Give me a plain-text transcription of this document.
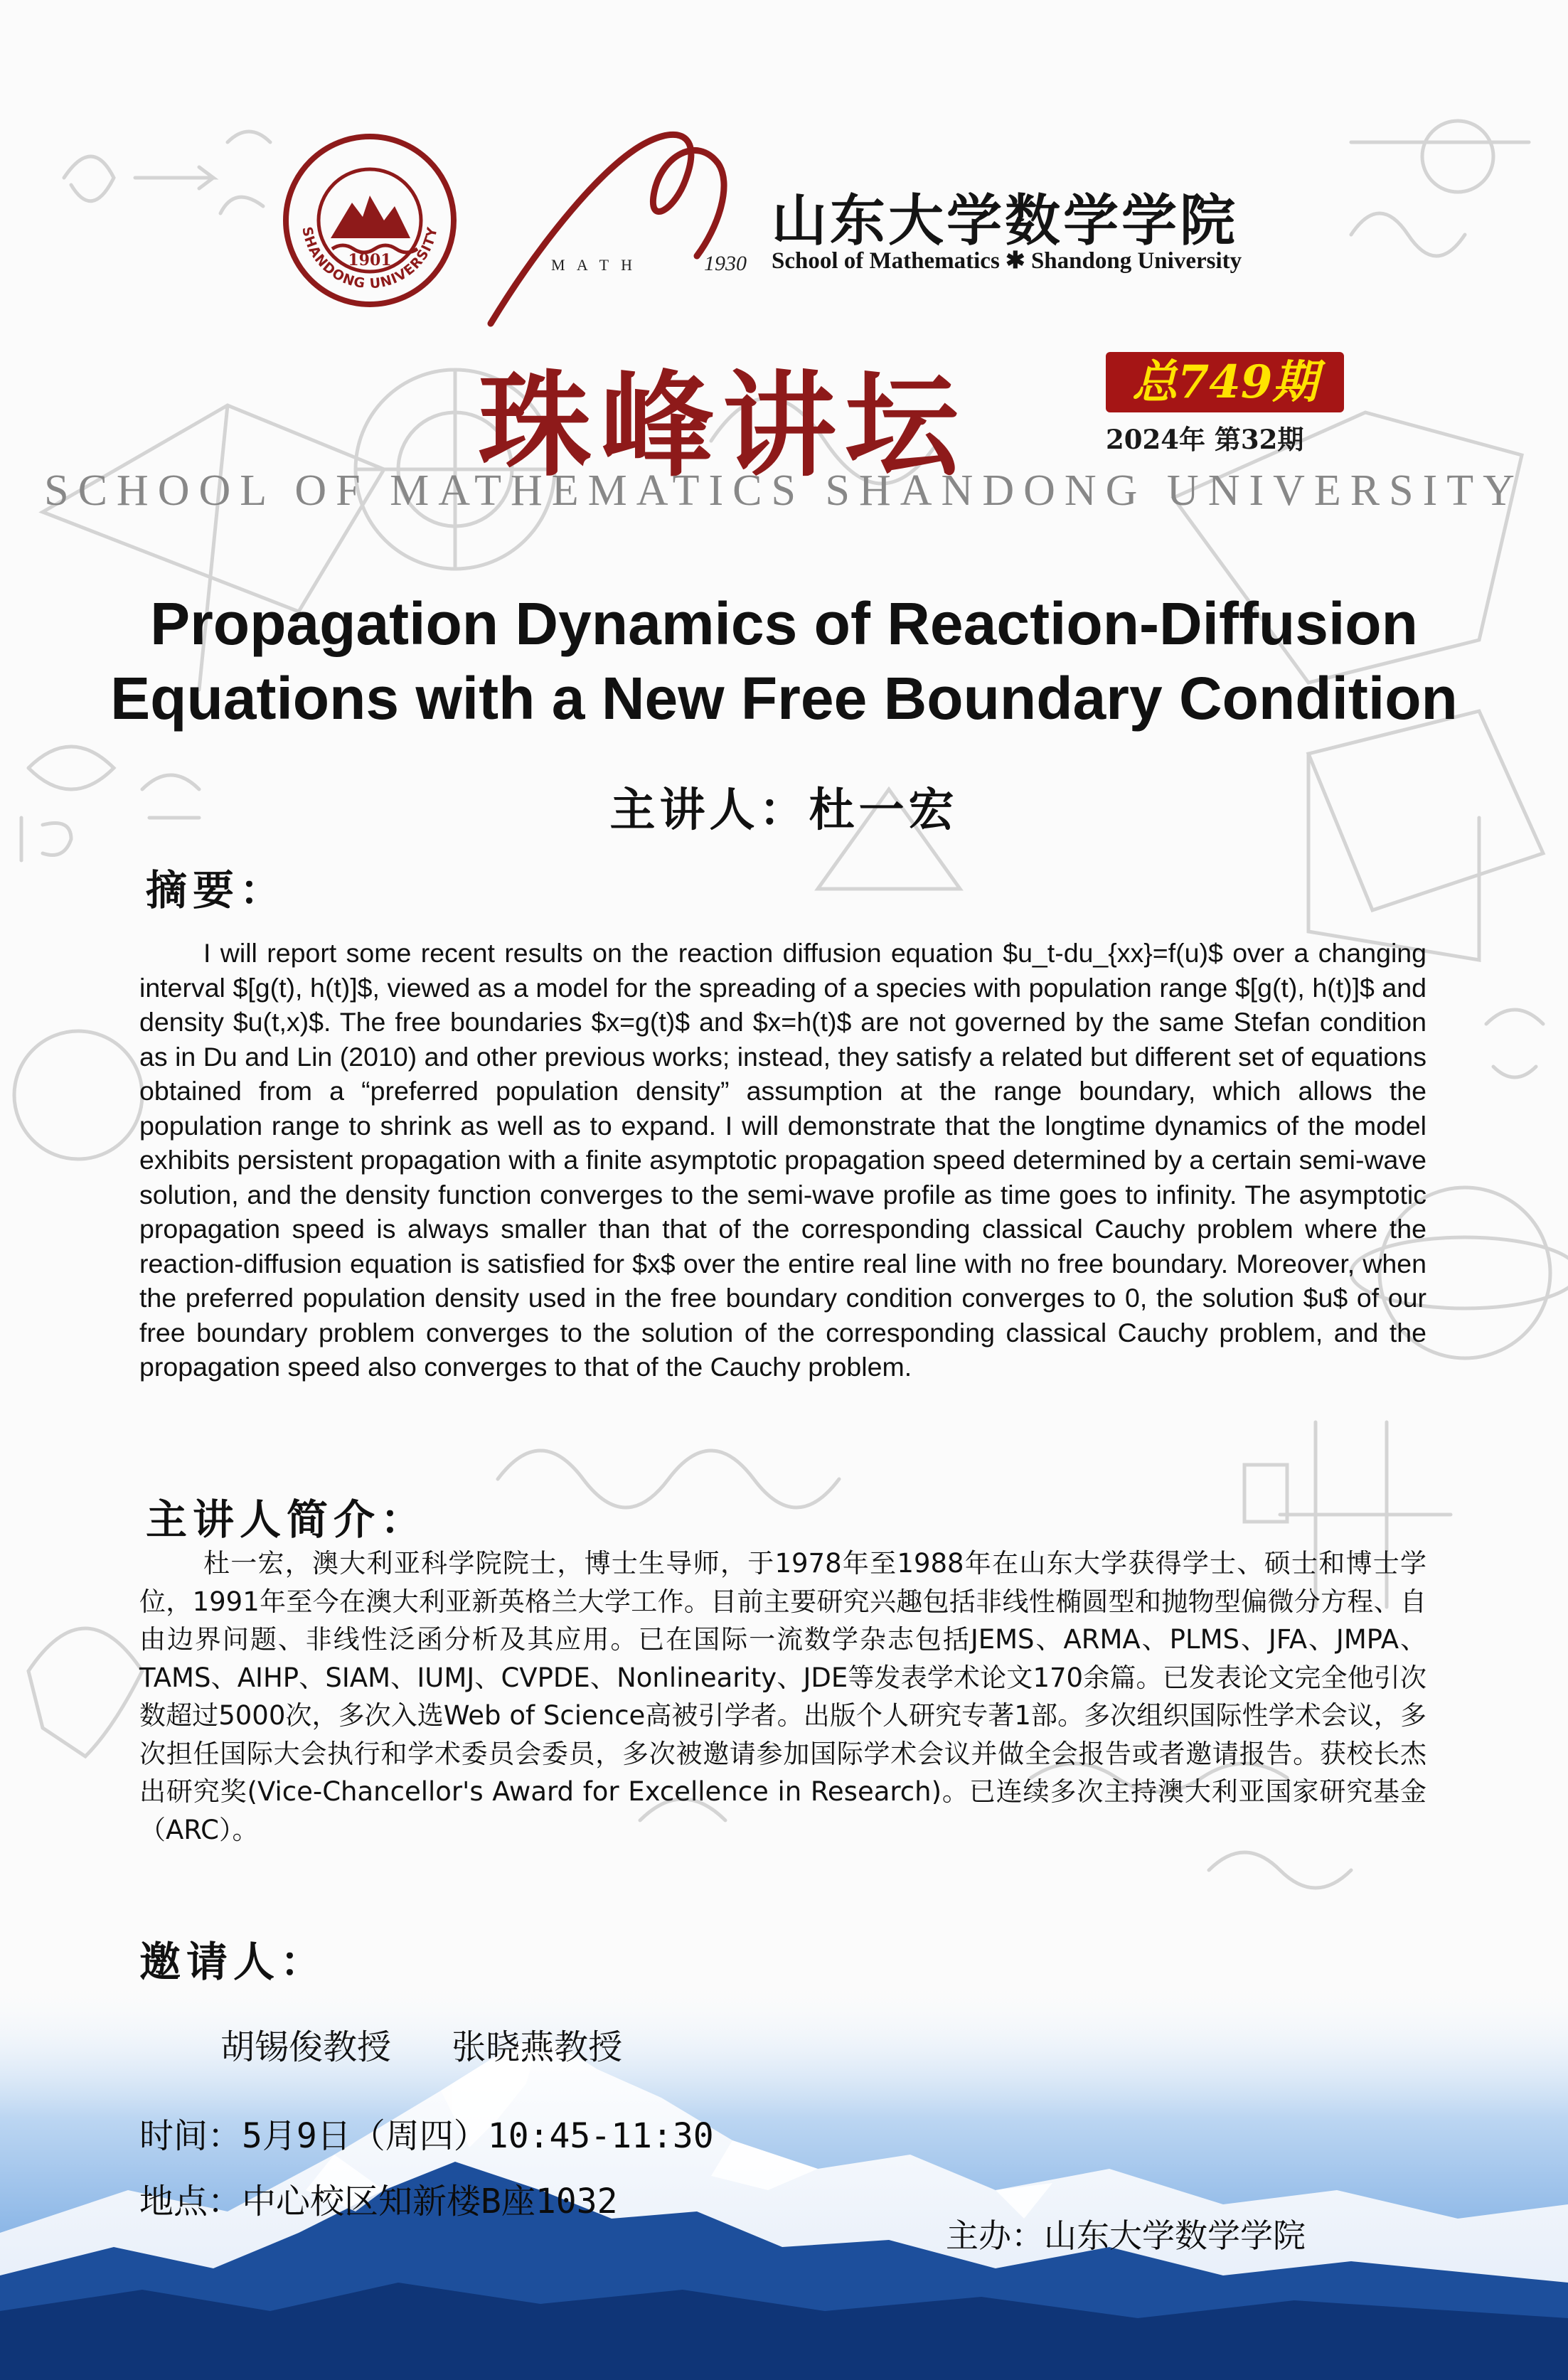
1901
SHANDONG UNIVERSITY
M A T H	1930
山东大学数学学院
School of Mathematics ✱ Shandong University
珠峰讲坛	总749期
2024年 第32期
SCHOOL OF MATHEMATICS SHANDONG UNIVERSITY
Propagation Dynamics of Reaction-Diffusion
Equations with a New Free Boundary Condition
主讲人：杜一宏
摘要：
I will report some recent results on the reaction diffusion equation $u_t-du_{xx}=f(u)$ over a changing interval $[g(t), h(t)]$, viewed as a model for the spreading of a species with population range $[g(t), h(t)]$ and density $u(t,x)$. The free boundaries $x=g(t)$ and $x=h(t)$ are not governed by the same Stefan condition as in Du and Lin (2010) and other previous works; instead, they satisfy a related but different set of equations obtained from a “preferred population density” assumption at the range boundary, which allows the population range to shrink as well as to expand. I will demonstrate that the longtime dynamics of the model exhibits persistent propagation with a finite asymptotic propagation speed determined by a certain semi-wave solution, and the density function converges to the semi-wave profile as time goes to infinity. The asymptotic propagation speed is always smaller than that of the corresponding classical Cauchy problem where the reaction-diffusion equation is satisfied for $x$ over the entire real line with no free boundary. Moreover, when the preferred population density used in the free boundary condition converges to 0, the solution $u$ of our free boundary problem converges to the solution of the corresponding classical Cauchy problem, and the propagation speed also converges to that of the Cauchy problem.
主讲人简介：
杜一宏，澳大利亚科学院院士，博士生导师，于1978年至1988年在山东大学获得学士、硕士和博士学位，1991年至今在澳大利亚新英格兰大学工作。目前主要研究兴趣包括非线性椭圆型和抛物型偏微分方程、自由边界问题、非线性泛函分析及其应用。已在国际一流数学杂志包括JEMS、ARMA、PLMS、JFA、JMPA、TAMS、AIHP、SIAM、IUMJ、CVPDE、Nonlinearity、JDE等发表学术论文170余篇。已发表论文完全他引次数超过5000次，多次入选Web of Science高被引学者。出版个人研究专著1部。多次组织国际性学术会议，多次担任国际大会执行和学术委员会委员，多次被邀请参加国际学术会议并做全会报告或者邀请报告。获校长杰出研究奖(Vice-Chancellor's Award for Excellence in Research)。已连续多次主持澳大利亚国家研究基金（ARC）。
邀请人：
胡锡俊教授 张晓燕教授
时间：5月9日（周四）10:45-11:30
地点：中心校区知新楼B座1032
主办：山东大学数学学院
